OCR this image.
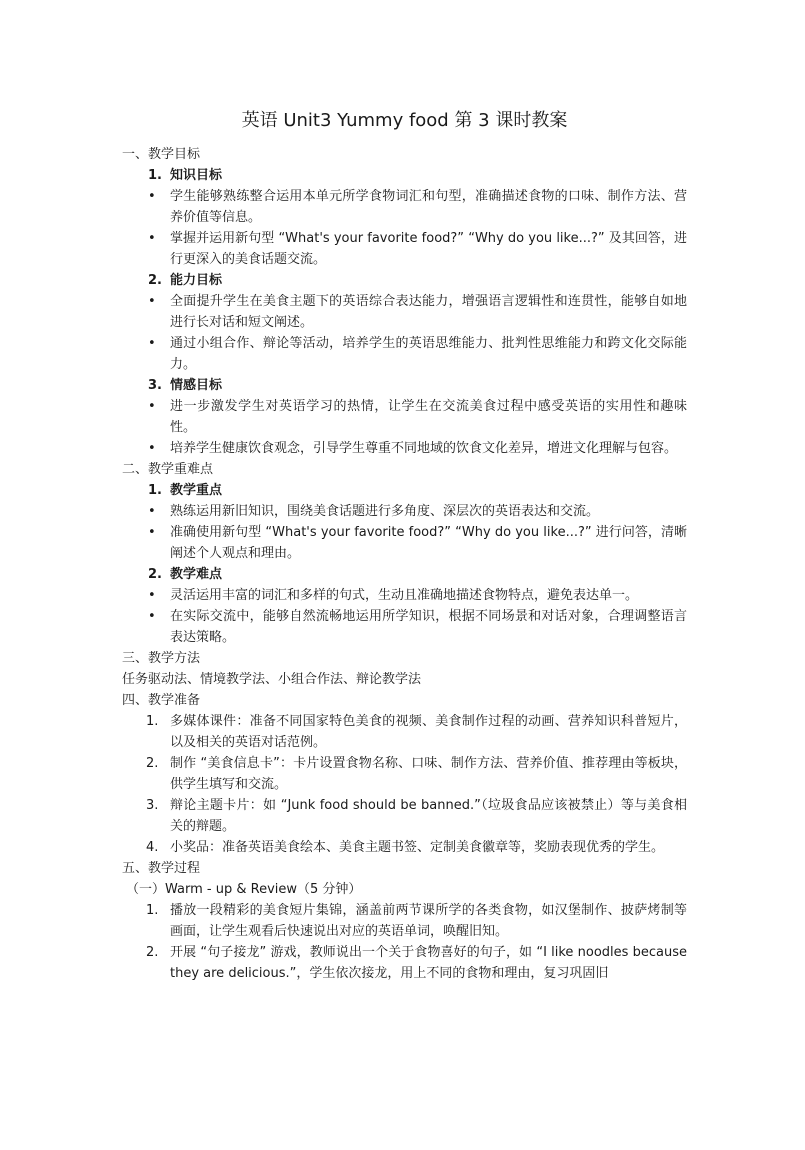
英语 Unit3 Yummy food 第 3 课时教案
一、教学目标
1. 知识目标
• 学生能够熟练整合运用本单元所学食物词汇和句型，准确描述食物的口味、制作方法、营养价值等信息。
• 掌握并运用新句型 “What's your favorite food?” “Why do you like...?” 及其回答，进行更深入的美食话题交流。
2. 能力目标
• 全面提升学生在美食主题下的英语综合表达能力，增强语言逻辑性和连贯性，能够自如地进行长对话和短文阐述。
• 通过小组合作、辩论等活动，培养学生的英语思维能力、批判性思维能力和跨文化交际能力。
3. 情感目标
• 进一步激发学生对英语学习的热情，让学生在交流美食过程中感受英语的实用性和趣味性。
• 培养学生健康饮食观念，引导学生尊重不同地域的饮食文化差异，增进文化理解与包容。
二、教学重难点
1. 教学重点
• 熟练运用新旧知识，围绕美食话题进行多角度、深层次的英语表达和交流。
• 准确使用新句型 “What's your favorite food?” “Why do you like...?” 进行问答，清晰阐述个人观点和理由。
2. 教学难点
• 灵活运用丰富的词汇和多样的句式，生动且准确地描述食物特点，避免表达单一。
• 在实际交流中，能够自然流畅地运用所学知识，根据不同场景和对话对象，合理调整语言表达策略。
三、教学方法
任务驱动法、情境教学法、小组合作法、辩论教学法
四、教学准备
1. 多媒体课件：准备不同国家特色美食的视频、美食制作过程的动画、营养知识科普短片，以及相关的英语对话范例。
2. 制作 “美食信息卡”：卡片设置食物名称、口味、制作方法、营养价值、推荐理由等板块，供学生填写和交流。
3. 辩论主题卡片：如 “Junk food should be banned.”（垃圾食品应该被禁止）等与美食相关的辩题。
4. 小奖品：准备英语美食绘本、美食主题书签、定制美食徽章等，奖励表现优秀的学生。
五、教学过程
（一）Warm - up & Review（5 分钟）
1. 播放一段精彩的美食短片集锦，涵盖前两节课所学的各类食物，如汉堡制作、披萨烤制等画面，让学生观看后快速说出对应的英语单词，唤醒旧知。
2. 开展 “句子接龙” 游戏，教师说出一个关于食物喜好的句子，如 “I like noodles because they are delicious.”，学生依次接龙，用上不同的食物和理由，复习巩固旧
